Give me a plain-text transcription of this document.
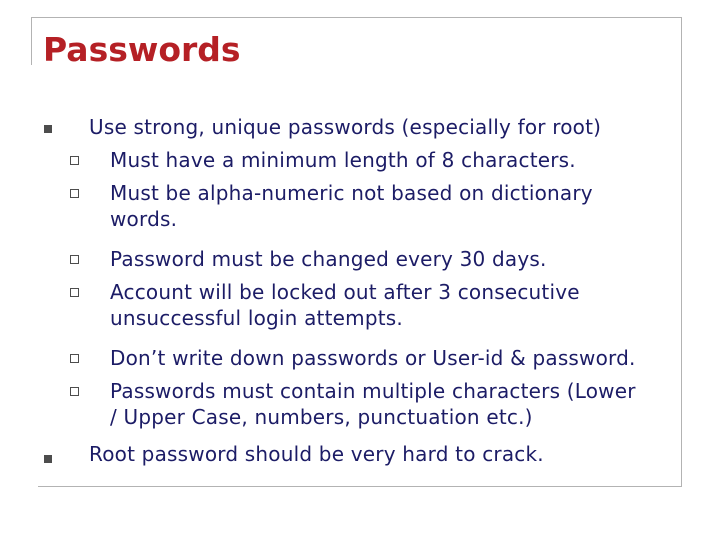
Passwords
Use strong, unique passwords (especially for root)
Must have a minimum length of 8 characters.
Must be alpha-numeric not based on dictionary
words.
Password must be changed every 30 days.
Account will be locked out after 3 consecutive
unsuccessful login attempts.
Don’t write down passwords or User-id & password.
Passwords must contain multiple characters (Lower
/ Upper Case, numbers, punctuation etc.)
Root password should be very hard to crack.
